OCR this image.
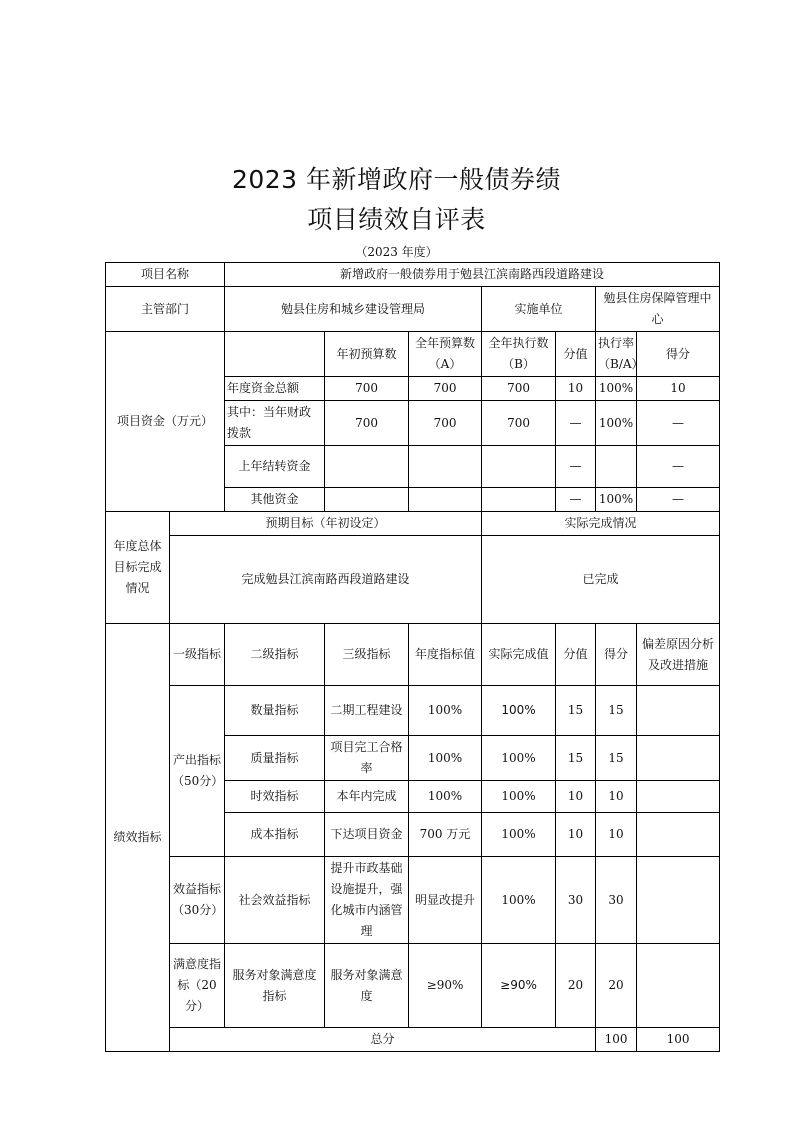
2023 年新增政府一般债券绩
项目绩效自评表
（2023 年度）
项目名称		新增政府一般债券用于勉县江滨南路西段道路建设							
主管部门		勉县住房和城乡建设管理局			实施单位		勉县住房保障管理中心		
项目资金（万元）			年初预算数	全年预算数（A）	全年执行数（B）	分值	执行率（B/A）	得分	
		年度资金总额	700	700	700	10	100%	10	
		其中：当年财政拨款	700	700	700	—	100%	—	
		上年结转资金				—		—	
		其他资金				—	100%	—	
年度总体目标完成情况	预期目标（年初设定）				实际完成情况				
	完成勉县江滨南路西段道路建设				已完成				
绩效指标	一级指标	二级指标	三级指标	年度指标值	实际完成值	分值	得分	偏差原因分析及改进措施	
	产出指标（50分）	数量指标	二期工程建设	100%	100%	15	15		
		质量指标	项目完工合格率	100%	100%	15	15		
		时效指标	本年内完成	100%	100%	10	10		
		成本指标	下达项目资金	700 万元	100%	10	10		
	效益指标（30分）	社会效益指标	提升市政基础设施提升，强化城市内涵管理	明显改提升	100%	30	30		
	满意度指标（20分）	服务对象满意度指标	服务对象满意度	≥90%	≥90%	20	20		
	总分						100	100	
